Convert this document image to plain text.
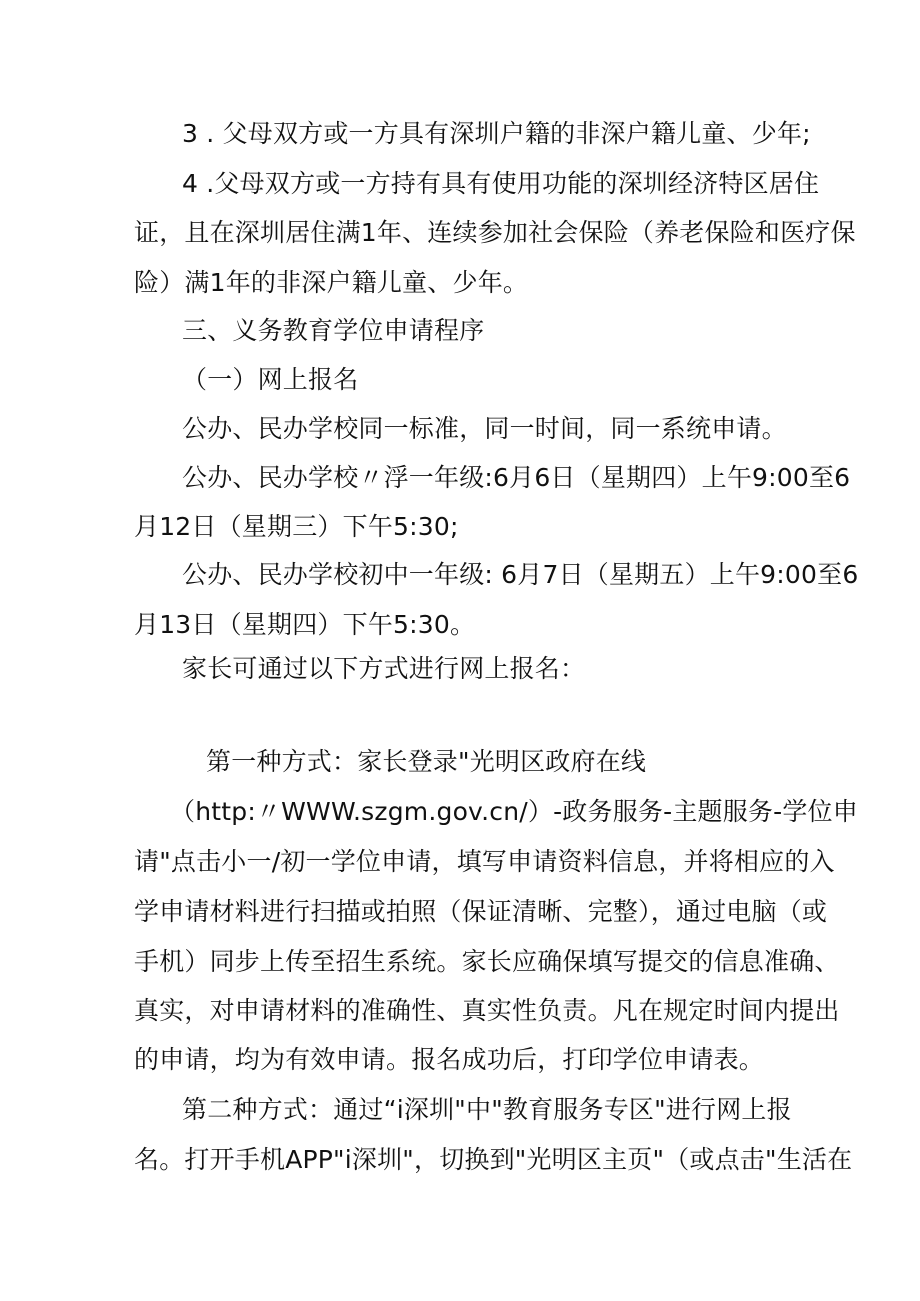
3 . 父母双方或一方具有深圳户籍的非深户籍儿童、少年;
4 .父母双方或一方持有具有使用功能的深圳经济特区居住
证，且在深圳居住满1年、连续参加社会保险（养老保险和医疗保
险）满1年的非深户籍儿童、少年。
三、义务教育学位申请程序
（一）网上报名
公办、民办学校同一标准，同一时间，同一系统申请。
公办、民办学校〃浮一年级:6月6日（星期四）上午9:00至6
月12日（星期三）下午5:30;
公办、民办学校初中一年级: 6月7日（星期五）上午9:00至6
月13日（星期四）下午5:30。
家长可通过以下方式进行网上报名：
第一种方式：家长登录"光明区政府在线
（http:〃WWW.szgm.gov.cn/）-政务服务-主题服务-学位申
请"点击小一/初一学位申请，填写申请资料信息，并将相应的入
学申请材料进行扫描或拍照（保证清晰、完整），通过电脑（或
手机）同步上传至招生系统。家长应确保填写提交的信息准确、
真实，对申请材料的准确性、真实性负责。凡在规定时间内提出
的申请，均为有效申请。报名成功后，打印学位申请表。
第二种方式：通过“i深圳"中"教育服务专区"进行网上报
名。打开手机APP"i深圳"，切换到"光明区主页"（或点击"生活在
